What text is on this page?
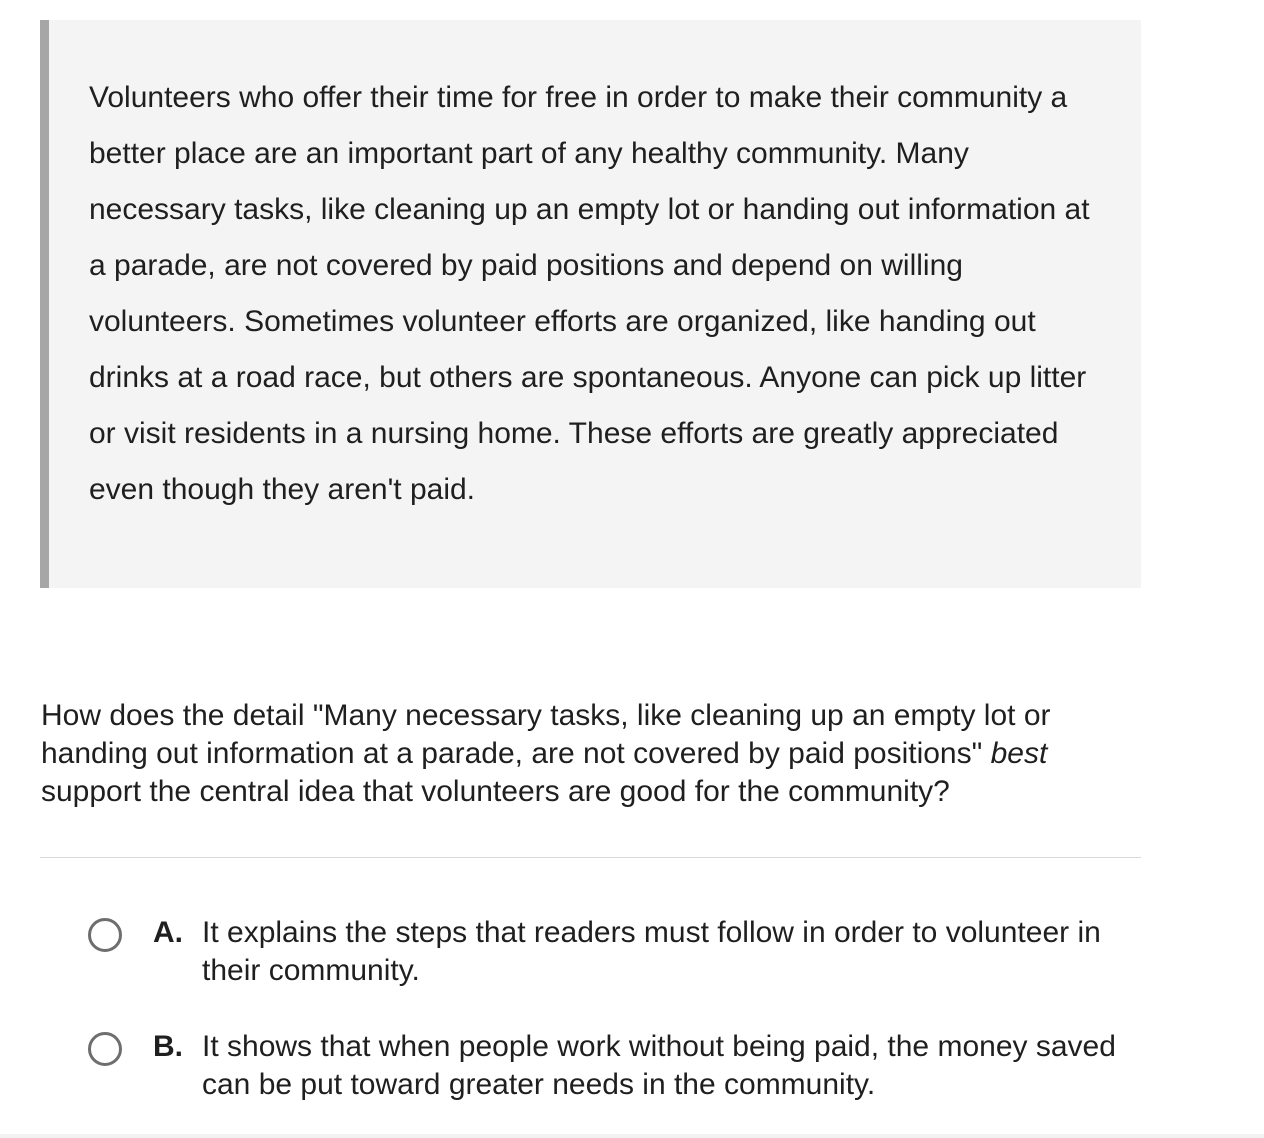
Volunteers who offer their time for free in order to make their community a better place are an important part of any healthy community. Many necessary tasks, like cleaning up an empty lot or handing out information at a parade, are not covered by paid positions and depend on willing volunteers. Sometimes volunteer efforts are organized, like handing out drinks at a road race, but others are spontaneous. Anyone can pick up litter or visit residents in a nursing home. These efforts are greatly appreciated even though they aren't paid.

How does the detail "Many necessary tasks, like cleaning up an empty lot or handing out information at a parade, are not covered by paid positions" best support the central idea that volunteers are good for the community?

A. It explains the steps that readers must follow in order to volunteer in their community.
B. It shows that when people work without being paid, the money saved can be put toward greater needs in the community.
